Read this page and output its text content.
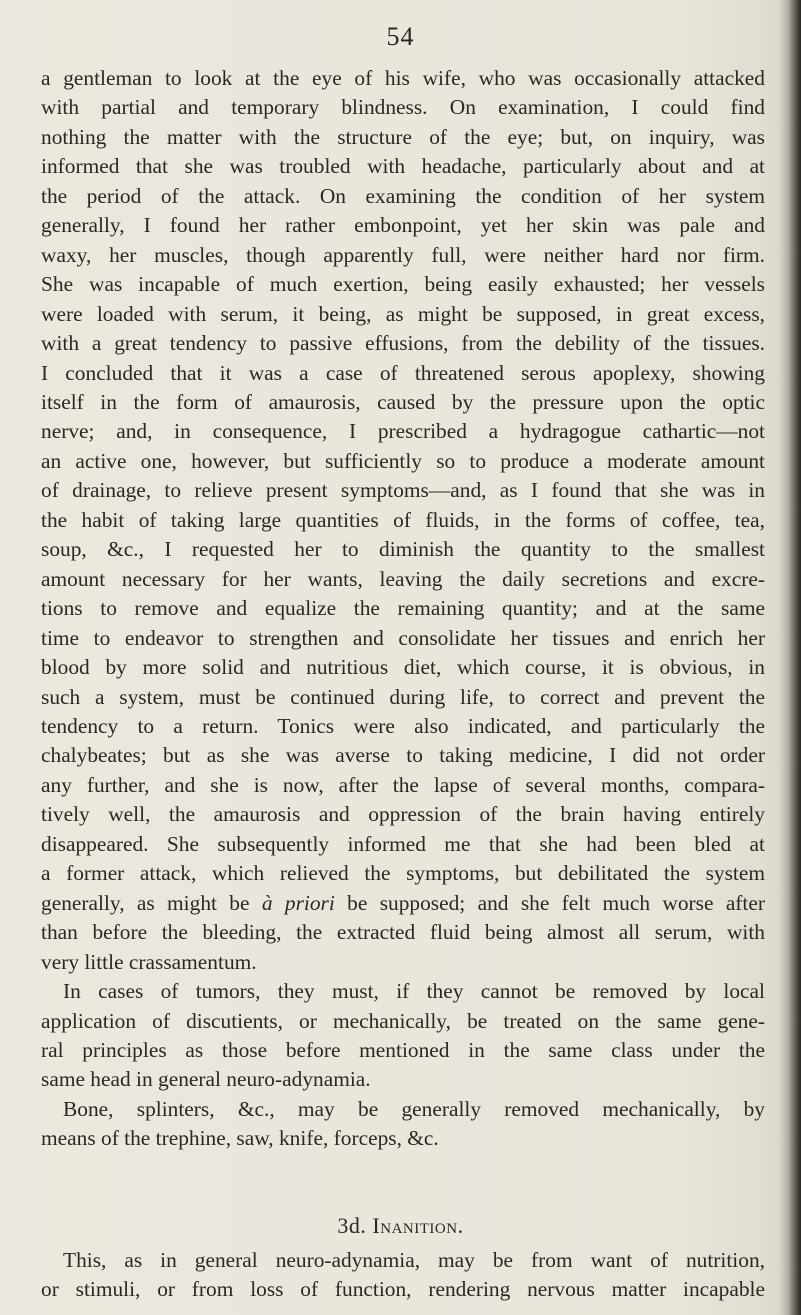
54
a gentleman to look at the eye of his wife, who was occasionally attacked
with partial and temporary blindness. On examination, I could find
nothing the matter with the structure of the eye; but, on inquiry, was
informed that she was troubled with headache, particularly about and at
the period of the attack. On examining the condition of her system
generally, I found her rather embonpoint, yet her skin was pale and
waxy, her muscles, though apparently full, were neither hard nor firm.
She was incapable of much exertion, being easily exhausted; her vessels
were loaded with serum, it being, as might be supposed, in great excess,
with a great tendency to passive effusions, from the debility of the tissues.
I concluded that it was a case of threatened serous apoplexy, showing
itself in the form of amaurosis, caused by the pressure upon the optic
nerve; and, in consequence, I prescribed a hydragogue cathartic—not
an active one, however, but sufficiently so to produce a moderate amount
of drainage, to relieve present symptoms—and, as I found that she was in
the habit of taking large quantities of fluids, in the forms of coffee, tea,
soup, &c., I requested her to diminish the quantity to the smallest
amount necessary for her wants, leaving the daily secretions and excre-
tions to remove and equalize the remaining quantity; and at the same
time to endeavor to strengthen and consolidate her tissues and enrich her
blood by more solid and nutritious diet, which course, it is obvious, in
such a system, must be continued during life, to correct and prevent the
tendency to a return. Tonics were also indicated, and particularly the
chalybeates; but as she was averse to taking medicine, I did not order
any further, and she is now, after the lapse of several months, compara-
tively well, the amaurosis and oppression of the brain having entirely
disappeared. She subsequently informed me that she had been bled at
a former attack, which relieved the symptoms, but debilitated the system
generally, as might be à priori be supposed; and she felt much worse after
than before the bleeding, the extracted fluid being almost all serum, with
very little crassamentum.
In cases of tumors, they must, if they cannot be removed by local
application of discutients, or mechanically, be treated on the same gene-
ral principles as those before mentioned in the same class under the
same head in general neuro-adynamia.
Bone, splinters, &c., may be generally removed mechanically, by
means of the trephine, saw, knife, forceps, &c.
3d. Inanition.
This, as in general neuro-adynamia, may be from want of nutrition,
or stimuli, or from loss of function, rendering nervous matter incapable
